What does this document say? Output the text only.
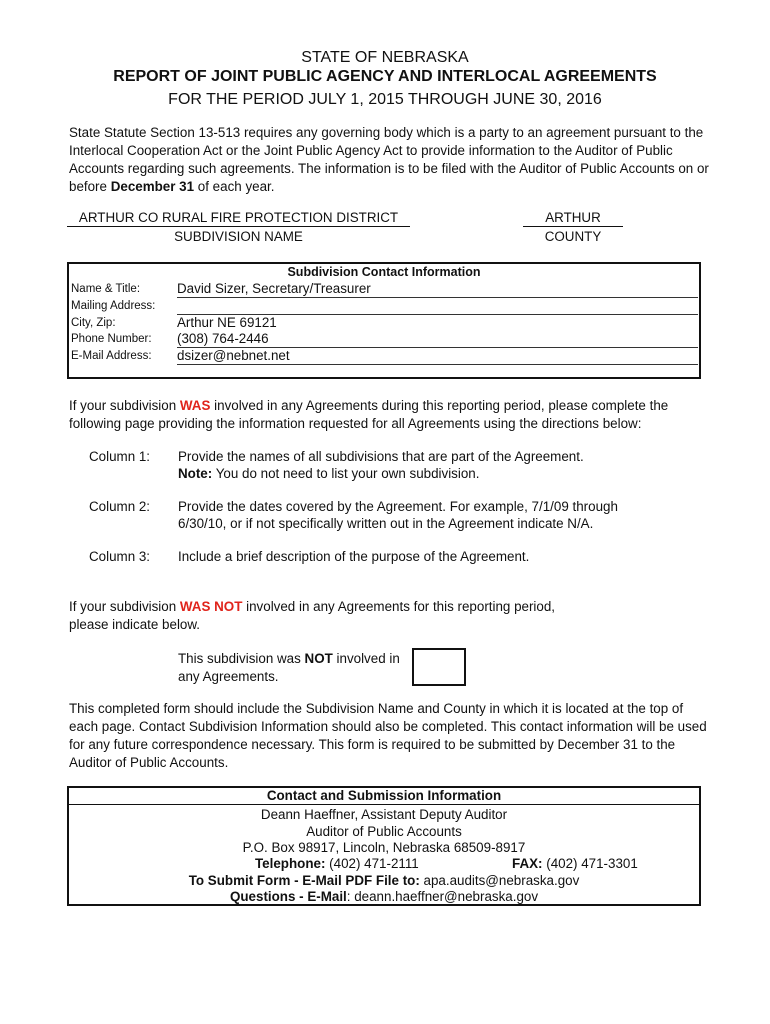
STATE OF NEBRASKA
REPORT OF JOINT PUBLIC AGENCY AND INTERLOCAL AGREEMENTS
FOR THE PERIOD JULY 1, 2015 THROUGH JUNE 30, 2016
State Statute Section 13-513 requires any governing body which is a party to an agreement pursuant to the Interlocal Cooperation Act or the Joint Public Agency Act to provide information to the Auditor of Public Accounts regarding such agreements. The information is to be filed with the Auditor of Public Accounts on or before December 31 of each year.
ARTHUR CO RURAL FIRE PROTECTION DISTRICT
SUBDIVISION NAME
ARTHUR
COUNTY
Subdivision Contact Information
Name & Title:	David Sizer, Secretary/Treasurer
Mailing Address:
City, Zip:	Arthur NE 69121
Phone Number: (308) 764-2446
E-Mail Address: dsizer@nebnet.net
If your subdivision WAS involved in any Agreements during this reporting period, please complete the following page providing the information requested for all Agreements using the directions below:
Column 1: Provide the names of all subdivisions that are part of the Agreement.
Note: You do not need to list your own subdivision.
Column 2: Provide the dates covered by the Agreement. For example, 7/1/09 through 6/30/10, or if not specifically written out in the Agreement indicate N/A.
Column 3: Include a brief description of the purpose of the Agreement.
If your subdivision WAS NOT involved in any Agreements for this reporting period, please indicate below.
This subdivision was NOT involved in any Agreements.
This completed form should include the Subdivision Name and County in which it is located at the top of each page. Contact Subdivision Information should also be completed. This contact information will be used for any future correspondence necessary. This form is required to be submitted by December 31 to the Auditor of Public Accounts.
Contact and Submission Information
Deann Haeffner, Assistant Deputy Auditor
Auditor of Public Accounts
P.O. Box 98917, Lincoln, Nebraska 68509-8917
Telephone: (402) 471-2111	FAX: (402) 471-3301
To Submit Form - E-Mail PDF File to: apa.audits@nebraska.gov
Questions - E-Mail: deann.haeffner@nebraska.gov
